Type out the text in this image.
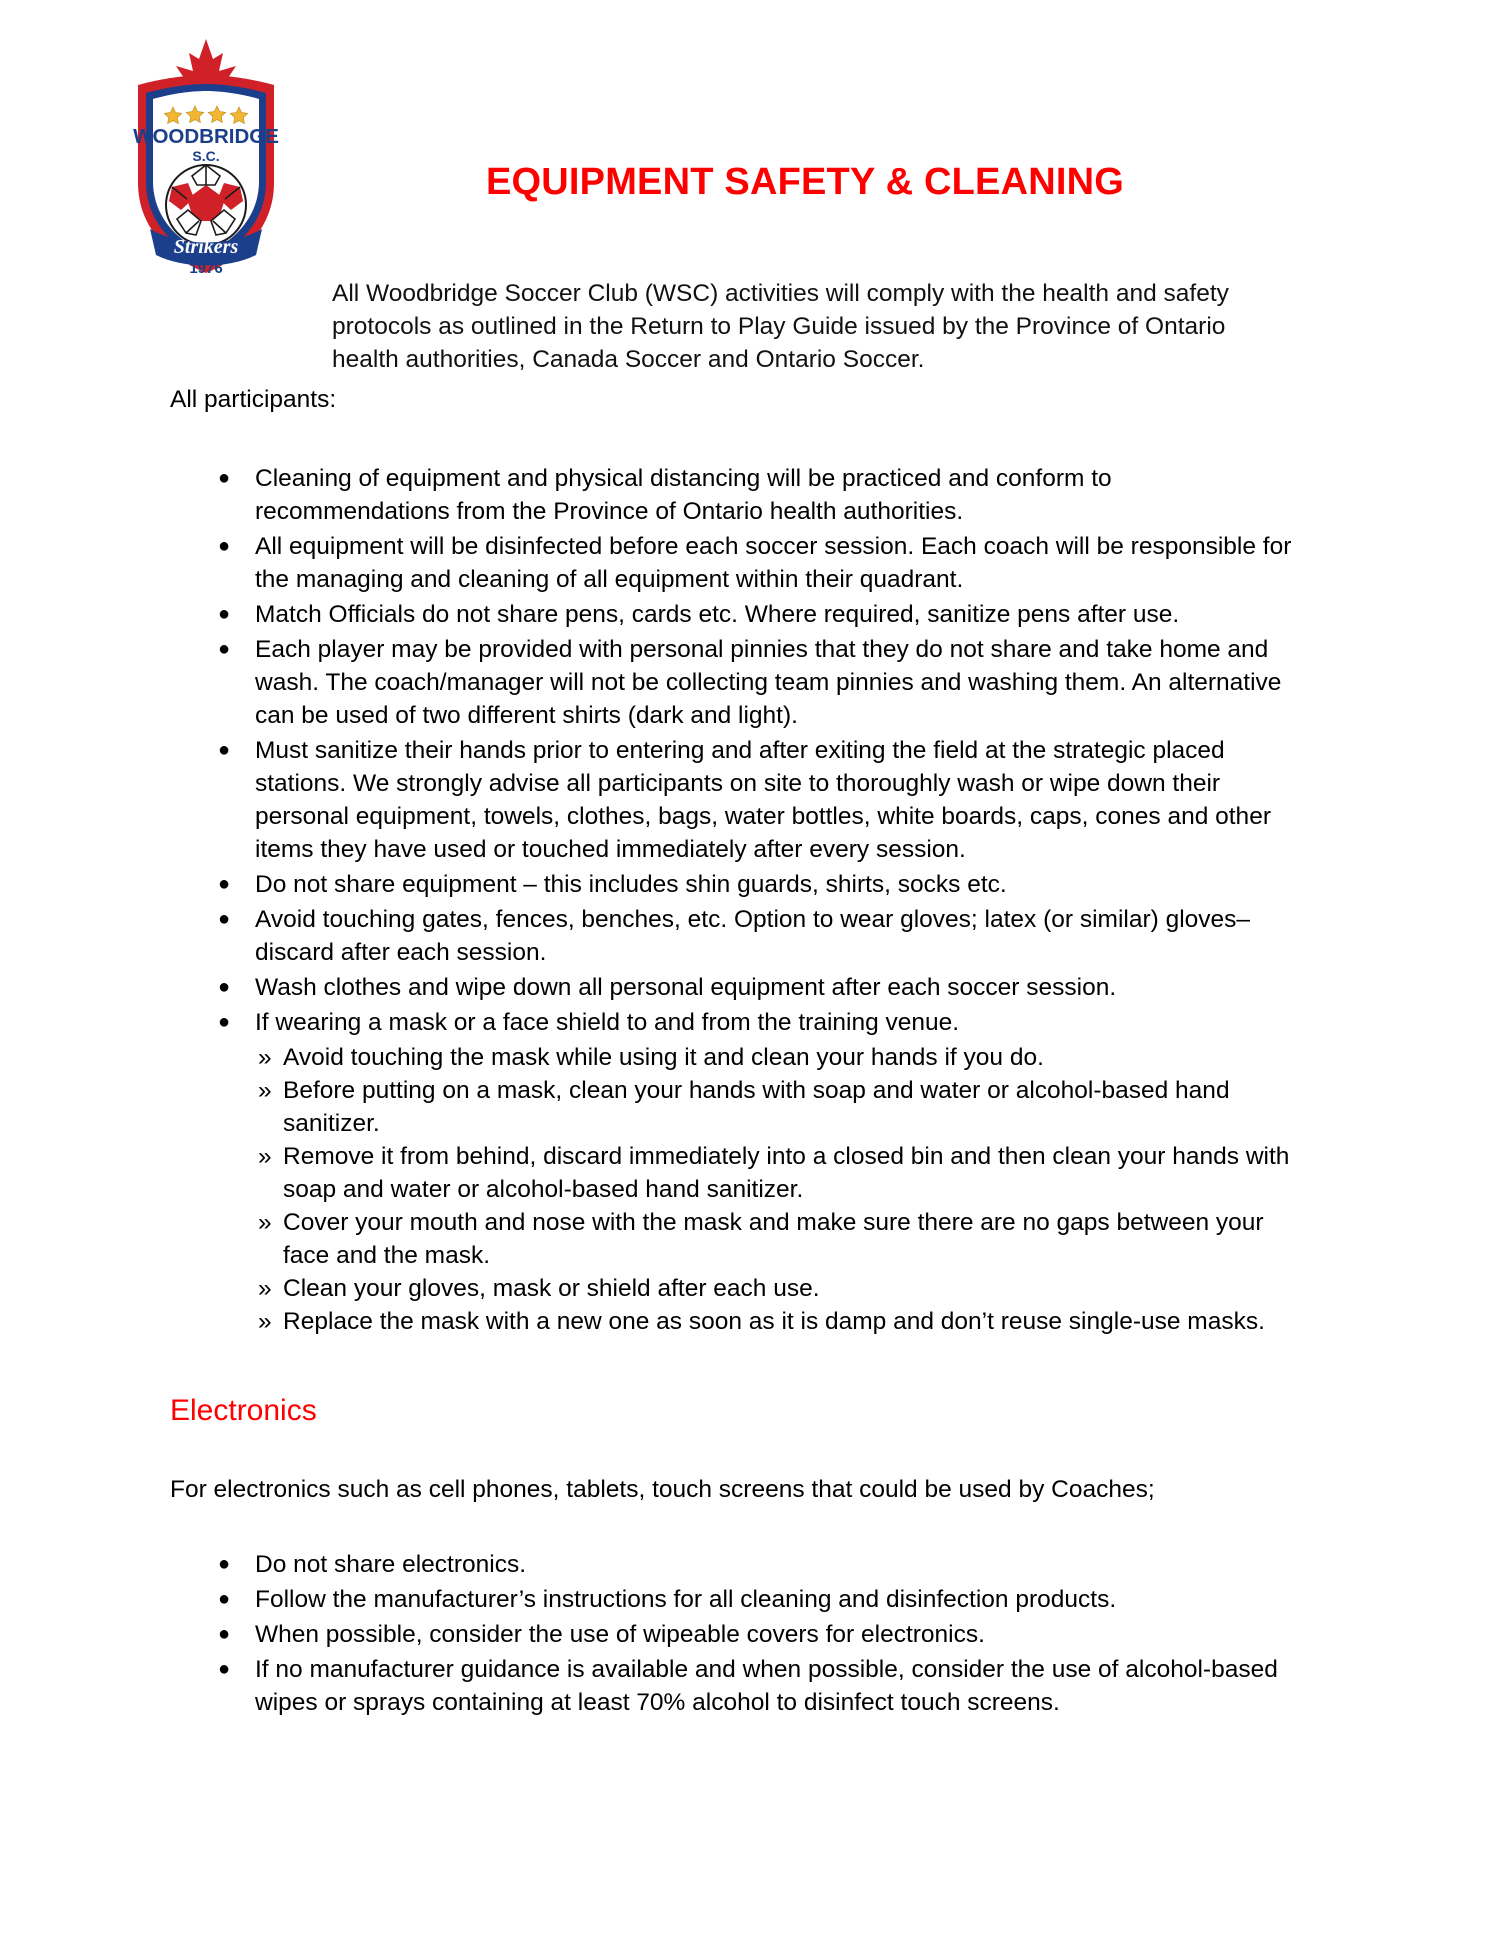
WOODBRIDGE
S.C.
Strikers
1976
EQUIPMENT SAFETY & CLEANING

All Woodbridge Soccer Club (WSC) activities will comply with the health and safety protocols as outlined in the Return to Play Guide issued by the Province of Ontario health authorities, Canada Soccer and Ontario Soccer.

All participants:

● Cleaning of equipment and physical distancing will be practiced and conform to recommendations from the Province of Ontario health authorities.
● All equipment will be disinfected before each soccer session. Each coach will be responsible for the managing and cleaning of all equipment within their quadrant.
● Match Officials do not share pens, cards etc. Where required, sanitize pens after use.
● Each player may be provided with personal pinnies that they do not share and take home and wash. The coach/manager will not be collecting team pinnies and washing them. An alternative can be used of two different shirts (dark and light).
● Must sanitize their hands prior to entering and after exiting the field at the strategic placed stations. We strongly advise all participants on site to thoroughly wash or wipe down their personal equipment, towels, clothes, bags, water bottles, white boards, caps, cones and other items they have used or touched immediately after every session.
● Do not share equipment – this includes shin guards, shirts, socks etc.
● Avoid touching gates, fences, benches, etc. Option to wear gloves; latex (or similar) gloves– discard after each session.
● Wash clothes and wipe down all personal equipment after each soccer session.
● If wearing a mask or a face shield to and from the training venue.
» Avoid touching the mask while using it and clean your hands if you do.
» Before putting on a mask, clean your hands with soap and water or alcohol-based hand sanitizer.
» Remove it from behind, discard immediately into a closed bin and then clean your hands with soap and water or alcohol-based hand sanitizer.
» Cover your mouth and nose with the mask and make sure there are no gaps between your face and the mask.
» Clean your gloves, mask or shield after each use.
» Replace the mask with a new one as soon as it is damp and don’t reuse single-use masks.
Electronics

For electronics such as cell phones, tablets, touch screens that could be used by Coaches;

● Do not share electronics.
● Follow the manufacturer’s instructions for all cleaning and disinfection products.
● When possible, consider the use of wipeable covers for electronics.
● If no manufacturer guidance is available and when possible, consider the use of alcohol-based wipes or sprays containing at least 70% alcohol to disinfect touch screens.
